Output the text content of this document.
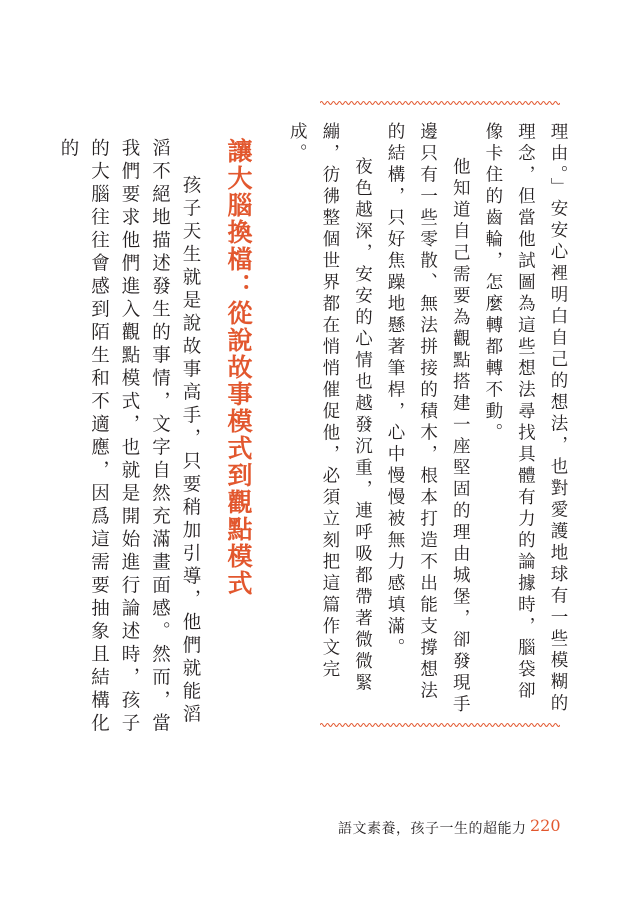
理由。」安安心裡明白自己的想法，也對愛護地球有一些模糊的理念，但當他試圖為這些想法尋找具體有力的論據時，腦袋卻像卡住的齒輪，怎麼轉都轉不動。

他知道自己需要為觀點搭建一座堅固的理由城堡，卻發現手邊只有一些零散、無法拼接的積木，根本打造不出能支撐想法的結構，只好焦躁地懸著筆桿，心中慢慢被無力感填滿。

夜色越深，安安的心情也越發沉重，連呼吸都帶著微微緊繃，彷彿整個世界都在悄悄催促他，必須立刻把這篇作文完成。

讓大腦換檔：從說故事模式到觀點模式

孩子天生就是說故事高手，只要稍加引導，他們就能滔滔不絕地描述發生的事情，文字自然充滿畫面感。然而，當我們要求他們進入觀點模式，也就是開始進行論述時，孩子的大腦往往會感到陌生和不適應，因爲這需要抽象且結構化的

語文素養，孩子一生的超能力 220
